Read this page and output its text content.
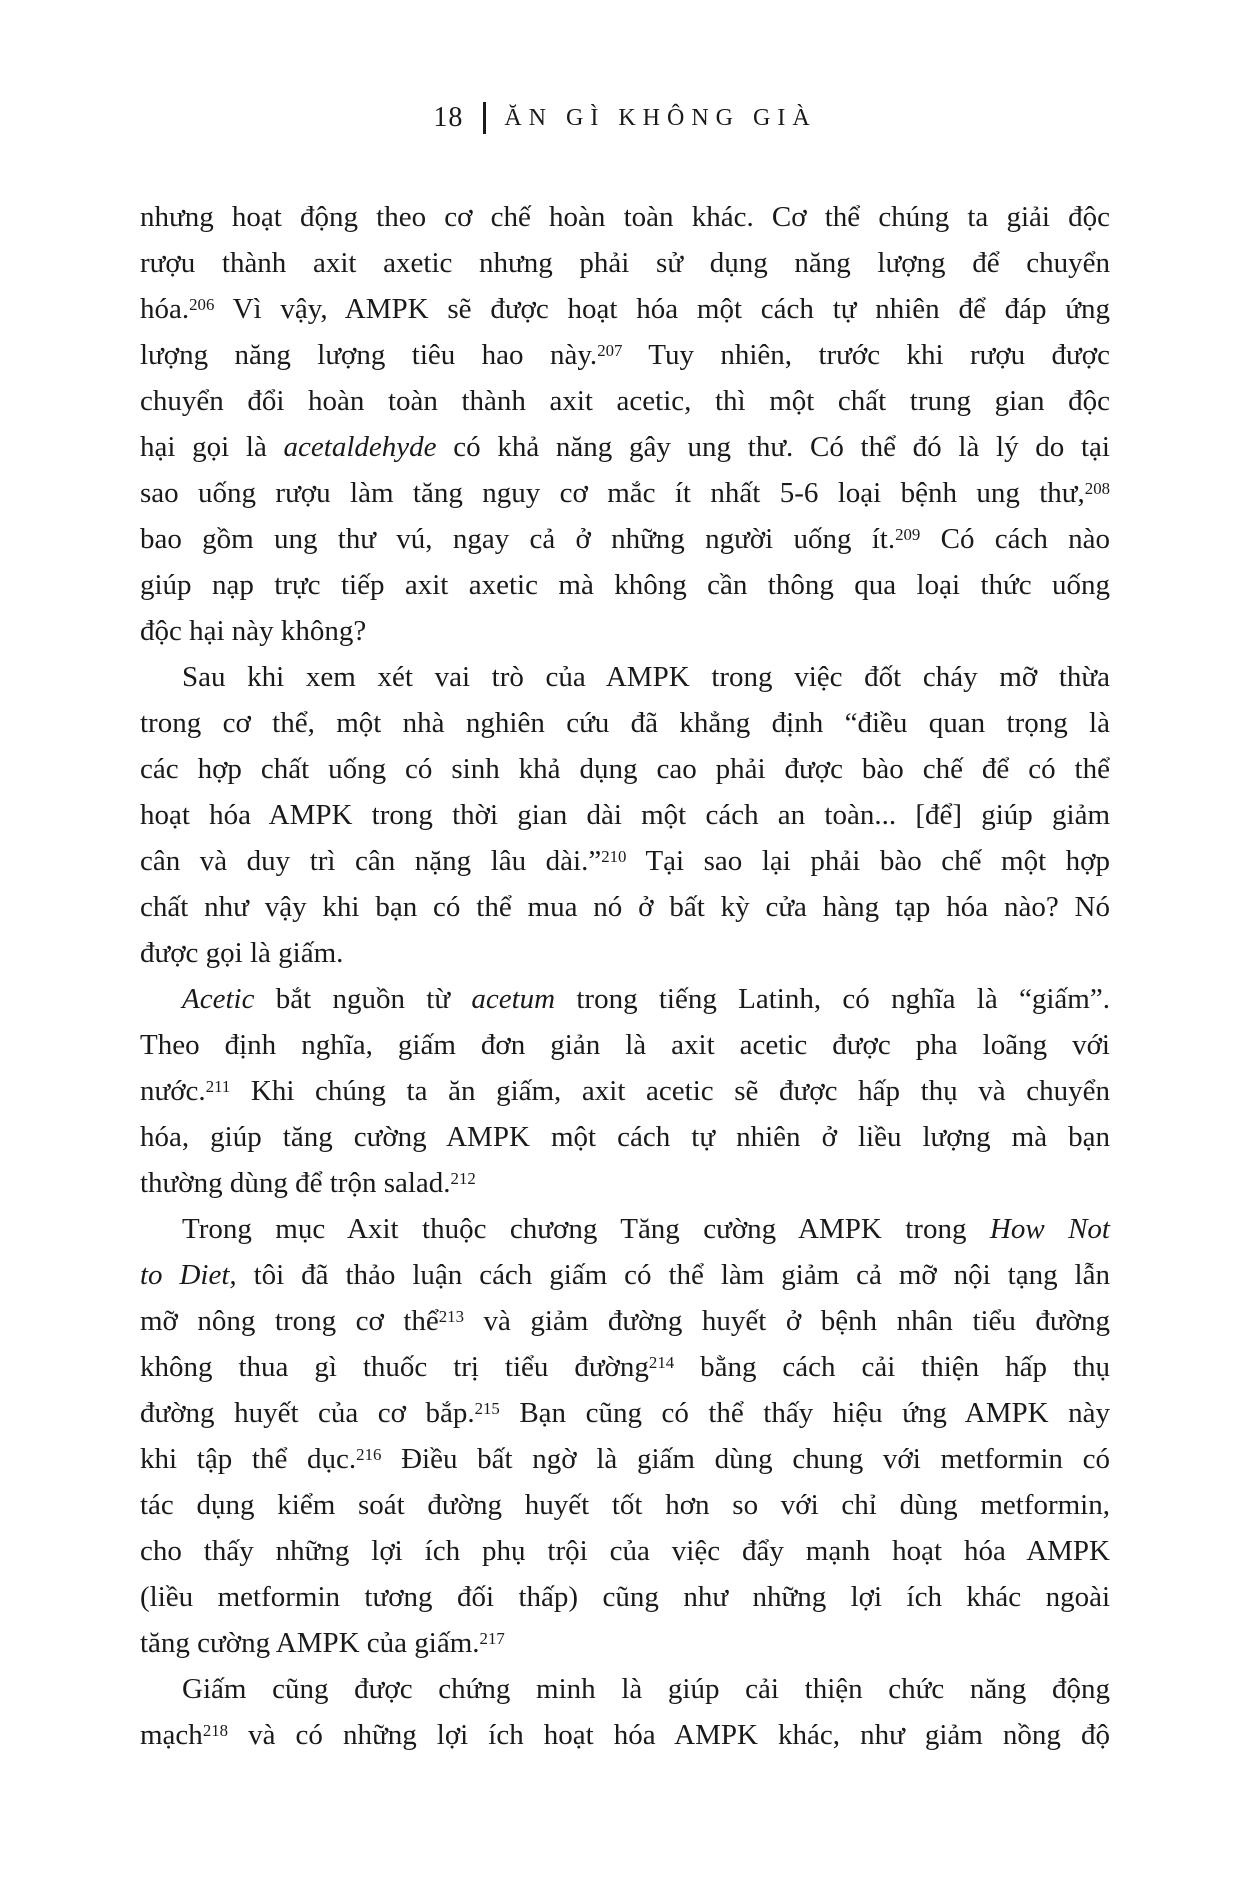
18 ĂN GÌ KHÔNG GIÀ
nhưng hoạt động theo cơ chế hoàn toàn khác. Cơ thể chúng ta giải độc
rượu thành axit axetic nhưng phải sử dụng năng lượng để chuyển
hóa.$^{206}$ Vì vậy, AMPK sẽ được hoạt hóa một cách tự nhiên để đáp ứng
lượng năng lượng tiêu hao này.$^{207}$ Tuy nhiên, trước khi rượu được
chuyển đổi hoàn toàn thành axit acetic, thì một chất trung gian độc
hại gọi là acetaldehyde có khả năng gây ung thư. Có thể đó là lý do tại
sao uống rượu làm tăng nguy cơ mắc ít nhất 5-6 loại bệnh ung thư,$^{208}$
bao gồm ung thư vú, ngay cả ở những người uống ít.$^{209}$ Có cách nào
giúp nạp trực tiếp axit axetic mà không cần thông qua loại thức uống
độc hại này không?
Sau khi xem xét vai trò của AMPK trong việc đốt cháy mỡ thừa
trong cơ thể, một nhà nghiên cứu đã khẳng định “điều quan trọng là
các hợp chất uống có sinh khả dụng cao phải được bào chế để có thể
hoạt hóa AMPK trong thời gian dài một cách an toàn... [để] giúp giảm
cân và duy trì cân nặng lâu dài.”$^{210}$ Tại sao lại phải bào chế một hợp
chất như vậy khi bạn có thể mua nó ở bất kỳ cửa hàng tạp hóa nào? Nó
được gọi là giấm.
Acetic bắt nguồn từ acetum trong tiếng Latinh, có nghĩa là “giấm”.
Theo định nghĩa, giấm đơn giản là axit acetic được pha loãng với
nước.$^{211}$ Khi chúng ta ăn giấm, axit acetic sẽ được hấp thụ và chuyển
hóa, giúp tăng cường AMPK một cách tự nhiên ở liều lượng mà bạn
thường dùng để trộn salad.$^{212}$
Trong mục Axit thuộc chương Tăng cường AMPK trong How Not
to Diet, tôi đã thảo luận cách giấm có thể làm giảm cả mỡ nội tạng lẫn
mỡ nông trong cơ thể$^{213}$ và giảm đường huyết ở bệnh nhân tiểu đường
không thua gì thuốc trị tiểu đường$^{214}$ bằng cách cải thiện hấp thụ
đường huyết của cơ bắp.$^{215}$ Bạn cũng có thể thấy hiệu ứng AMPK này
khi tập thể dục.$^{216}$ Điều bất ngờ là giấm dùng chung với metformin có
tác dụng kiểm soát đường huyết tốt hơn so với chỉ dùng metformin,
cho thấy những lợi ích phụ trội của việc đẩy mạnh hoạt hóa AMPK
(liều metformin tương đối thấp) cũng như những lợi ích khác ngoài
tăng cường AMPK của giấm.$^{217}$
Giấm cũng được chứng minh là giúp cải thiện chức năng động
mạch$^{218}$ và có những lợi ích hoạt hóa AMPK khác, như giảm nồng độ
